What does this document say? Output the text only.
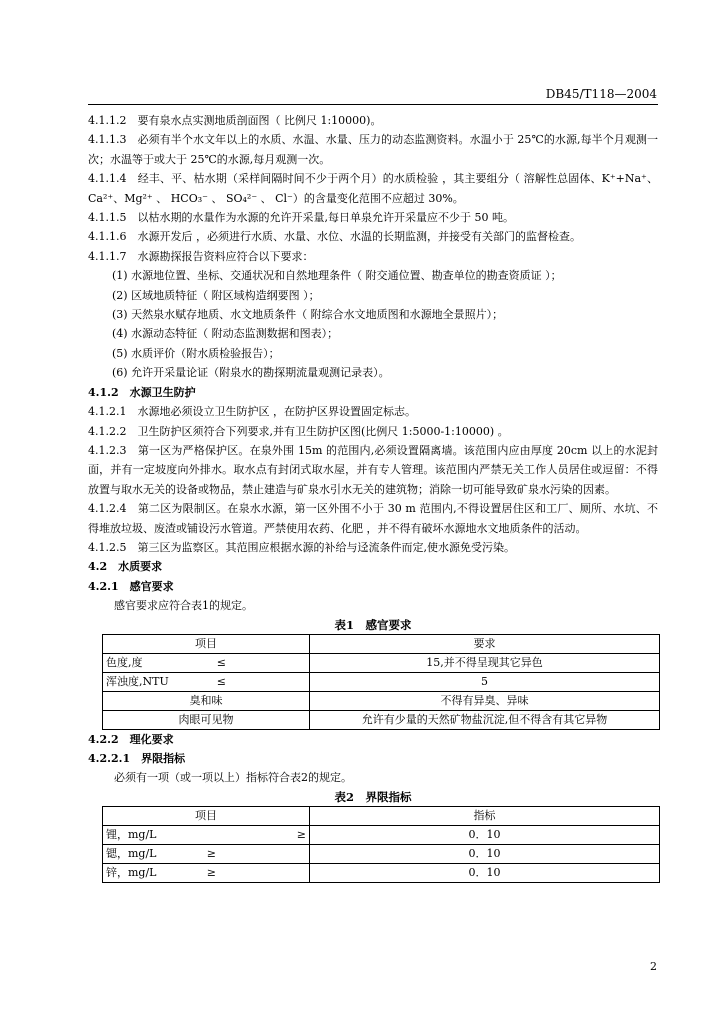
DB45/T118—2004

4.1.1.2　要有泉水点实测地质剖面图（ 比例尺 1:10000)。

4.1.1.3　必须有半个水文年以上的水质、水温、水量、压力的动态监测资料。水温小于 25℃的水源,每半个月观测一次；水温等于或大于 25℃的水源,每月观测一次。

4.1.1.4　经丰、平、枯水期（采样间隔时间不少于两个月）的水质检验 ，其主要组分（ 溶解性总固体、K⁺+Na⁺、Ca²⁺、Mg²⁺ 、 HCO₃⁻ 、 SO₄²⁻ 、 Cl⁻）的含量变化范围不应超过 30%。

4.1.1.5　以枯水期的水量作为水源的允许开采量,每日单泉允许开采量应不少于 50 吨。

4.1.1.6　水源开发后 ，必须进行水质、水量、水位、水温的长期监测，并接受有关部门的监督检查。

4.1.1.7　水源勘探报告资料应符合以下要求：

(1) 水源地位置、坐标、交通状况和自然地理条件（ 附交通位置、勘查单位的勘查资质证 ）；

(2) 区域地质特征（ 附区域构造纲要图 ）；

(3) 天然泉水赋存地质、水文地质条件（ 附综合水文地质图和水源地全景照片）；

(4) 水源动态特征（ 附动态监测数据和图表）；

(5) 水质评价（附水质检验报告）；

(6) 允许开采量论证（附泉水的勘探期流量观测记录表）。

4.1.2　水源卫生防护

4.1.2.1　水源地必须设立卫生防护区 ，在防护区界设置固定标志。

4.1.2.2　卫生防护区须符合下列要求,并有卫生防护区图(比例尺 1:5000-1:10000) 。

4.1.2.3　第一区为严格保护区。在泉外围 15m 的范围内,必须设置隔离墙。该范围内应由厚度 20cm 以上的水泥封面，并有一定坡度向外排水。取水点有封闭式取水屋，并有专人管理。该范围内严禁无关工作人员居住或逗留：不得放置与取水无关的设备或物品，禁止建造与矿泉水引水无关的建筑物；消除一切可能导致矿泉水污染的因素。

4.1.2.4　第二区为限制区。在泉水水源，第一区外围不小于 30 m 范围内,不得设置居住区和工厂、厕所、水坑、不得堆放垃圾、废渣或铺设污水管道。严禁使用农药、化肥 ，并不得有破坏水源地水文地质条件的活动。

4.1.2.5　第三区为监察区。其范围应根据水源的补给与迳流条件而定,使水源免受污染。

4.2　水质要求

4.2.1　感官要求

感官要求应符合表1的规定。

表1　感官要求
项目	要求
色度,度 ≤	15,并不得呈现其它异色
浑浊度,NTU ≤	5
臭和味	不得有异臭、异味
肉眼可见物	允许有少量的天然矿物盐沉淀,但不得含有其它异物

4.2.2　理化要求

4.2.2.1　界限指标

必须有一项（或一项以上）指标符合表2的规定。

表2　界限指标
项目	指标
锂，mg/L ≥	0．10
锶，mg/L ≥	0．10
锌，mg/L ≥	0．10
2
